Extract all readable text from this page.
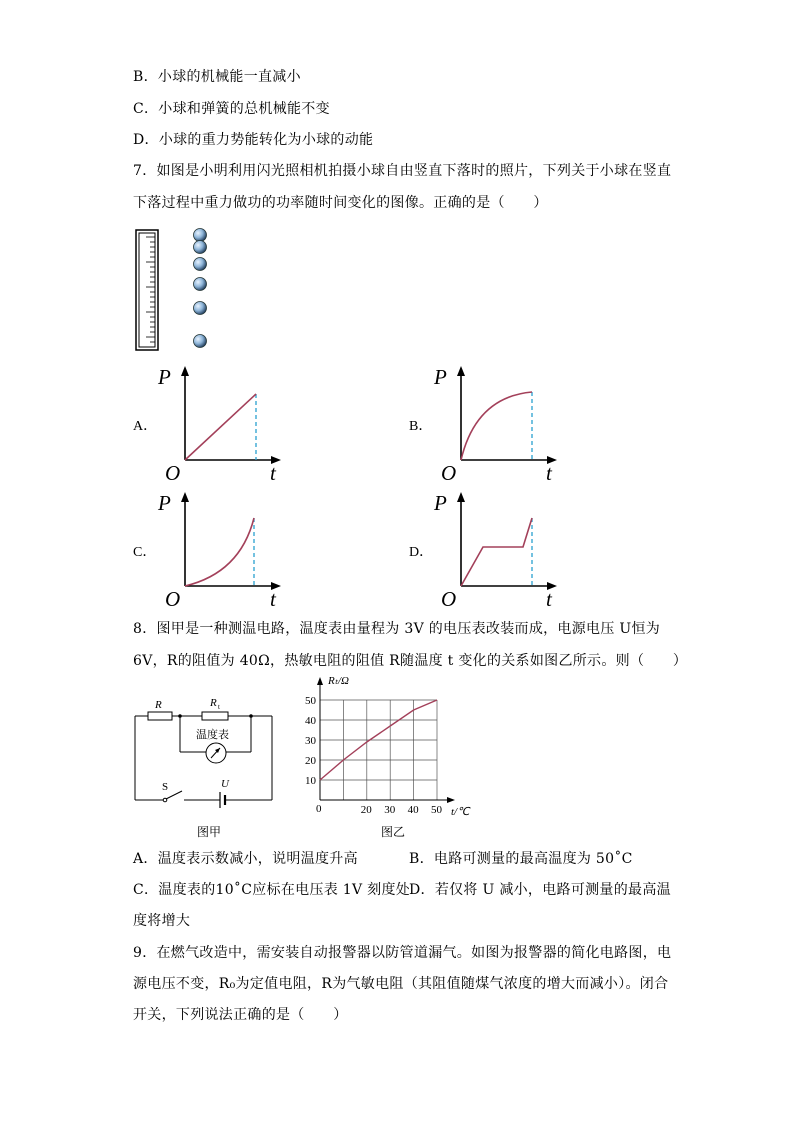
B．小球的机械能一直减小
C．小球和弹簧的总机械能不变
D．小球的重力势能转化为小球的动能
7．如图是小明利用闪光照相机拍摄小球自由竖直下落时的照片，下列关于小球在竖直
下落过程中重力做功的功率随时间变化的图像。正确的是（　　）
A．	B．
C．	D．
P
O	t
P
O	t
P
O	t
P
O	t
8．图甲是一种测温电路，温度表由量程为 3V 的电压表改装而成，电源电压 U恒为
6V，R的阻值为 40Ω，热敏电阻的阻值 R随温度 t 变化的关系如图乙所示。则（　　）
温度表
R	R t
S	U
图甲
20 30 40 50
10
20
30
40
50
Rₜ/Ω
t/℃
0
图乙
A．温度表示数减小，说明温度升高	B．电路可测量的最高温度为 50˚C
C．温度表的10˚C应标在电压表 1V 刻度处
D．若仅将 U 减小，电路可测量的最高温
度将增大
9．在燃气改造中，需安装自动报警器以防管道漏气。如图为报警器的简化电路图，电
源电压不变，R₀为定值电阻，R为气敏电阻（其阻值随煤气浓度的增大而减小）。闭合
开关，下列说法正确的是（　　）
